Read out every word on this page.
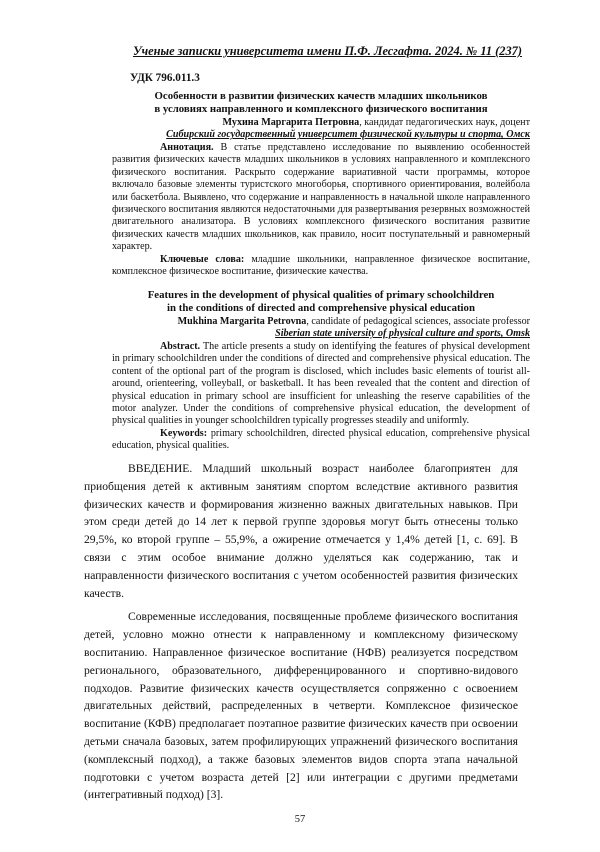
Ученые записки университета имени П.Ф. Лесгафта. 2024. № 11 (237)

УДК 796.011.3

Особенности в развитии физических качеств младших школьников

в условиях направленного и комплексного физического воспитания

Мухина Маргарита Петровна, кандидат педагогических наук, доцент

Сибирский государственный университет физической культуры и спорта, Омск

Аннотация. В статье представлено исследование по выявлению особенностей развития физических качеств младших школьников в условиях направленного и комплексного физического воспитания. Раскрыто содержание вариативной части программы, которое включало базовые элементы туристского многоборья, спортивного ориентирования, волейбола или баскетбола. Выявлено, что содержание и направленность в начальной школе направленного физического воспитания являются недостаточными для развертывания резервных возможностей двигательного анализатора. В условиях комплексного физического воспитания развитие физических качеств младших школьников, как правило, носит поступательный и равномерный характер.

Ключевые слова: младшие школьники, направленное физическое воспитание, комплексное физическое воспитание, физические качества.

Features in the development of physical qualities of primary schoolchildren

in the conditions of directed and comprehensive physical education

Mukhina Margarita Petrovna, candidate of pedagogical sciences, associate professor

Siberian state university of physical culture and sports, Omsk

Abstract. The article presents a study on identifying the features of physical development in primary schoolchildren under the conditions of directed and comprehensive physical education. The content of the optional part of the program is disclosed, which includes basic elements of tourist all-around, orienteering, volleyball, or basketball. It has been revealed that the content and direction of physical education in primary school are insufficient for unleashing the reserve capabilities of the motor analyzer. Under the conditions of comprehensive physical education, the development of physical qualities in younger schoolchildren typically progresses steadily and uniformly.

Keywords: primary schoolchildren, directed physical education, comprehensive physical education, physical qualities.

ВВЕДЕНИЕ. Младший школьный возраст наиболее благоприятен для приобщения детей к активным занятиям спортом вследствие активного развития физических качеств и формирования жизненно важных двигательных навыков. При этом среди детей до 14 лет к первой группе здоровья могут быть отнесены только 29,5%, ко второй группе – 55,9%, а ожирение отмечается у 1,4% детей [1, с. 69]. В связи с этим особое внимание должно уделяться как содержанию, так и направленности физического воспитания с учетом особенностей развития физических качеств.

Современные исследования, посвященные проблеме физического воспитания детей, условно можно отнести к направленному и комплексному физическому воспитанию. Направленное физическое воспитание (НФВ) реализуется посредством регионального, образовательного, дифференцированного и спортивно-видового подходов. Развитие физических качеств осуществляется сопряженно с освоением двигательных действий, распределенных в четверти. Комплексное физическое воспитание (КФВ) предполагает поэтапное развитие физических качеств при освоении детьми сначала базовых, затем профилирующих упражнений физического воспитания (комплексный подход), а также базовых элементов видов спорта этапа начальной подготовки с учетом возраста детей [2] или интеграции с другими предметами (интегративный подход) [3].

57
